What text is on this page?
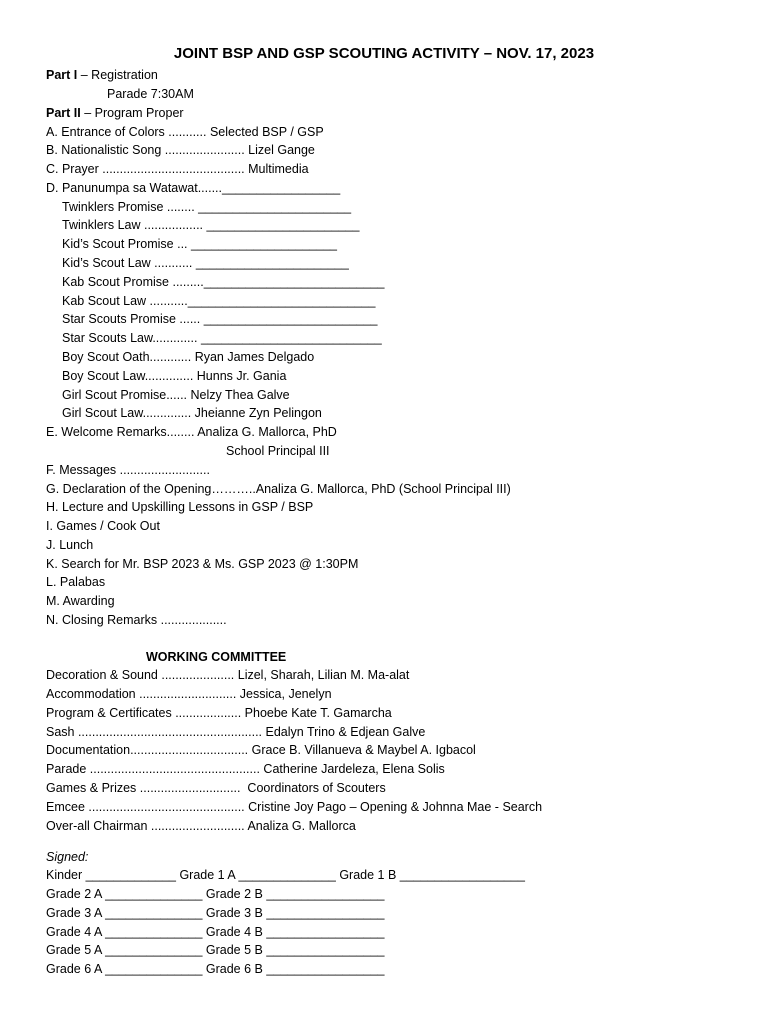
JOINT BSP AND GSP SCOUTING ACTIVITY – NOV. 17, 2023
Part I – Registration
Parade 7:30AM
Part II – Program Proper
A. Entrance of Colors ........... Selected BSP / GSP
B. Nationalistic Song ....................... Lizel Gange
C. Prayer ......................................... Multimedia
D. Panunumpa sa Watawat......._________________
Twinklers Promise ........ ______________________
Twinklers Law ................. ______________________
Kid’s Scout Promise ... _____________________
Kid’s Scout Law ........... ______________________
Kab Scout Promise .........__________________________
Kab Scout Law ...........___________________________
Star Scouts Promise ...... _________________________
Star Scouts Law............. __________________________
Boy Scout Oath............ Ryan James Delgado
Boy Scout Law.............. Hunns Jr. Gania
Girl Scout Promise...... Nelzy Thea Galve
Girl Scout Law.............. Jheianne Zyn Pelingon
E. Welcome Remarks........ Analiza G. Mallorca, PhD
School Principal III
F. Messages ..........................
G. Declaration of the Opening………..Analiza G. Mallorca, PhD (School Principal III)
H. Lecture and Upskilling Lessons in GSP / BSP
I. Games / Cook Out
J. Lunch
K. Search for Mr. BSP 2023 & Ms. GSP 2023 @ 1:30PM
L. Palabas
M. Awarding
N. Closing Remarks ...................
WORKING COMMITTEE
Decoration & Sound ..................... Lizel, Sharah, Lilian M. Ma-alat
Accommodation ............................ Jessica, Jenelyn
Program & Certificates ................... Phoebe Kate T. Gamarcha
Sash ..................................................... Edalyn Trino & Edjean Galve
Documentation.................................. Grace B. Villanueva & Maybel A. Igbacol
Parade ................................................. Catherine Jardeleza, Elena Solis
Games & Prizes .............................  Coordinators of Scouters
Emcee ............................................. Cristine Joy Pago – Opening & Johnna Mae - Search
Over-all Chairman ........................... Analiza G. Mallorca
Signed:
Kinder _____________ Grade 1 A ______________ Grade 1 B __________________
Grade 2 A ______________ Grade 2 B _________________
Grade 3 A ______________ Grade 3 B _________________
Grade 4 A ______________ Grade 4 B _________________
Grade 5 A ______________ Grade 5 B _________________
Grade 6 A ______________ Grade 6 B _________________
